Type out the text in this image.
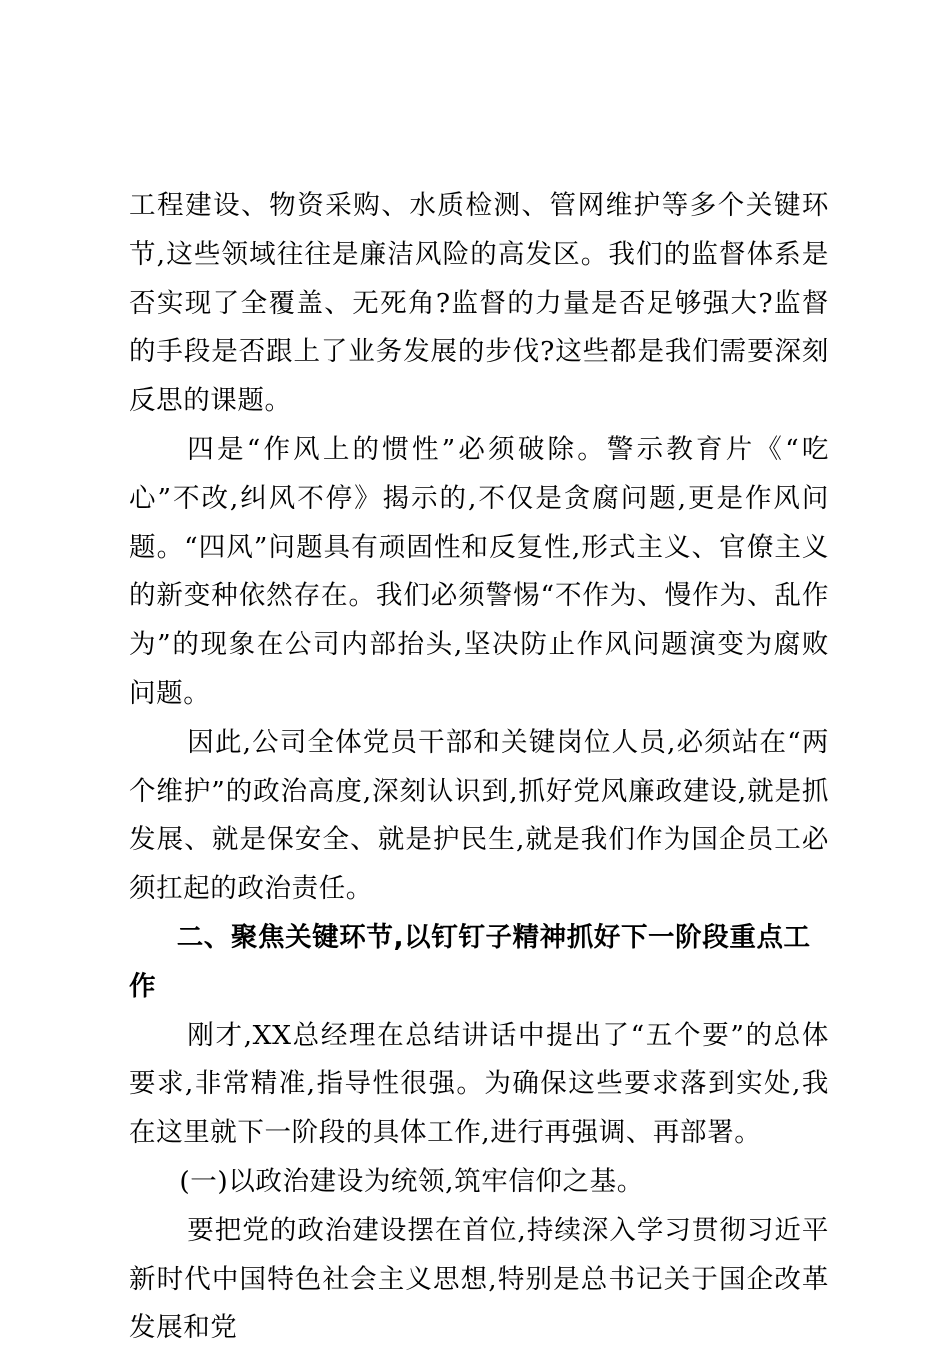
工程建设、物资采购、水质检测、管网维护等多个关键环节,这些领域往往是廉洁风险的高发区。我们的监督体系是否实现了全覆盖、无死角?监督的力量是否足够强大?监督的手段是否跟上了业务发展的步伐?这些都是我们需要深刻反思的课题。

四是“作风上的惯性”必须破除。警示教育片《“吃心”不改,纠风不停》揭示的,不仅是贪腐问题,更是作风问题。“四风”问题具有顽固性和反复性,形式主义、官僚主义的新变种依然存在。我们必须警惕“不作为、慢作为、乱作为”的现象在公司内部抬头,坚决防止作风问题演变为腐败问题。

因此,公司全体党员干部和关键岗位人员,必须站在“两个维护”的政治高度,深刻认识到,抓好党风廉政建设,就是抓发展、就是保安全、就是护民生,就是我们作为国企员工必须扛起的政治责任。

二、聚焦关键环节,以钉钉子精神抓好下一阶段重点工作

刚才,XX总经理在总结讲话中提出了“五个要”的总体要求,非常精准,指导性很强。为确保这些要求落到实处,我在这里就下一阶段的具体工作,进行再强调、再部署。

(一)以政治建设为统领,筑牢信仰之基。

要把党的政治建设摆在首位,持续深入学习贯彻习近平新时代中国特色社会主义思想,特别是总书记关于国企改革发展和党
